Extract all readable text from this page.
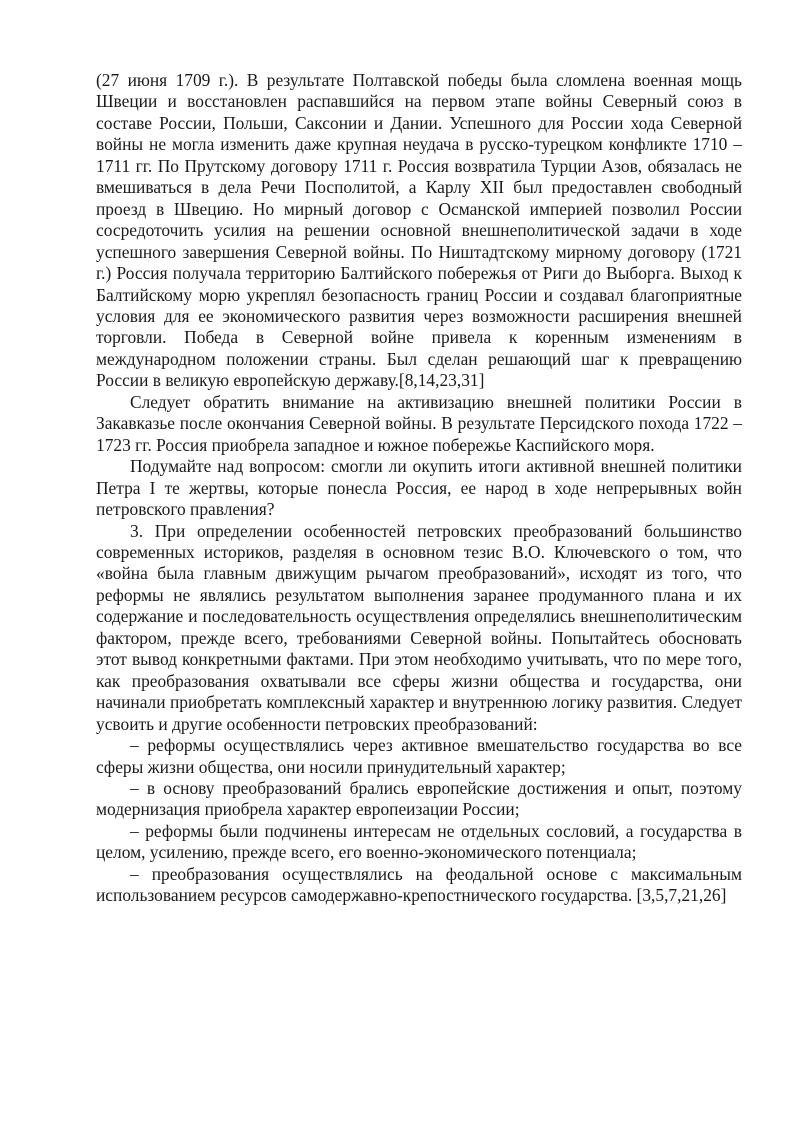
(27 июня 1709 г.). В результате Полтавской победы была сломлена военная мощь Швеции и восстановлен распавшийся на первом этапе войны Северный союз в составе России, Польши, Саксонии и Дании. Успешного для России хода Северной войны не могла изменить даже крупная неудача в русско-турецком конфликте 1710 – 1711 гг. По Прутскому договору 1711 г. Россия возвратила Турции Азов, обязалась не вмешиваться в дела Речи Посполитой, а Карлу XII был предоставлен свободный проезд в Швецию. Но мирный договор с Османской империей позволил России сосредоточить усилия на решении основной внешнеполитической задачи в ходе успешного завершения Северной войны. По Ништадтскому мирному договору (1721 г.) Россия получала территорию Балтийского побережья от Риги до Выборга. Выход к Балтийскому морю укреплял безопасность границ России и создавал благоприятные условия для ее экономического развития через возможности расширения внешней торговли. Победа в Северной войне привела к коренным изменениям в международном положении страны. Был сделан решающий шаг к превращению России в великую европейскую державу.[8,14,23,31]

Следует обратить внимание на активизацию внешней политики России в Закавказье после окончания Северной войны. В результате Персидского похода 1722 – 1723 гг. Россия приобрела западное и южное побережье Каспийского моря.

Подумайте над вопросом: смогли ли окупить итоги активной внешней политики Петра I те жертвы, которые понесла Россия, ее народ в ходе непрерывных войн петровского правления?

3. При определении особенностей петровских преобразований большинство современных историков, разделяя в основном тезис В.О. Ключевского о том, что «война была главным движущим рычагом преобразований», исходят из того, что реформы не являлись результатом выполнения заранее продуманного плана и их содержание и последовательность осуществления определялись внешнеполитическим фактором, прежде всего, требованиями Северной войны. Попытайтесь обосновать этот вывод конкретными фактами. При этом необходимо учитывать, что по мере того, как преобразования охватывали все сферы жизни общества и государства, они начинали приобретать комплексный характер и внутреннюю логику развития. Следует усвоить и другие особенности петровских преобразований:

– реформы осуществлялись через активное вмешательство государства во все сферы жизни общества, они носили принудительный характер;

– в основу преобразований брались европейские достижения и опыт, поэтому модернизация приобрела характер европеизации России;

– реформы были подчинены интересам не отдельных сословий, а государства в целом, усилению, прежде всего, его военно-экономического потенциала;

– преобразования осуществлялись на феодальной основе с максимальным использованием ресурсов самодержавно-крепостнического государства. [3,5,7,21,26]
